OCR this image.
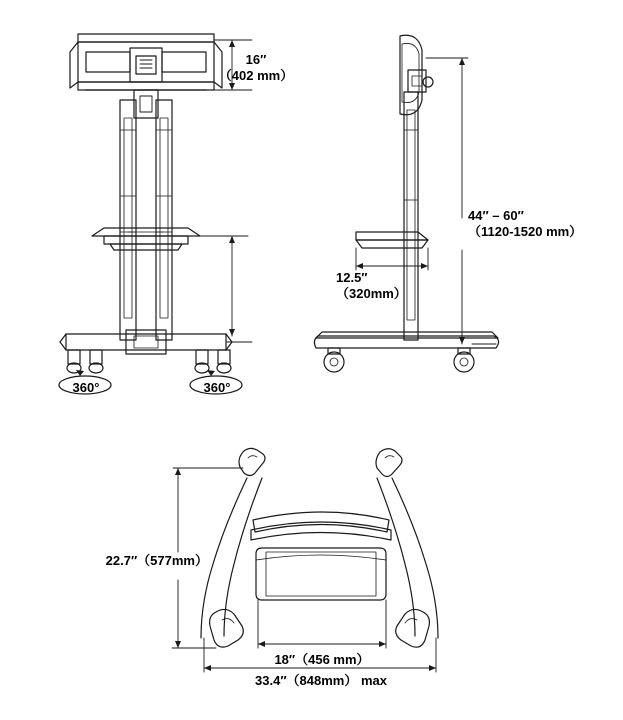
16″
（402 mm）
44″ – 60″
（1120-1520 mm）
12.5″
（320mm）
360°	360°
22.7″（577mm）
18″（456 mm）
33.4″（848mm） max
